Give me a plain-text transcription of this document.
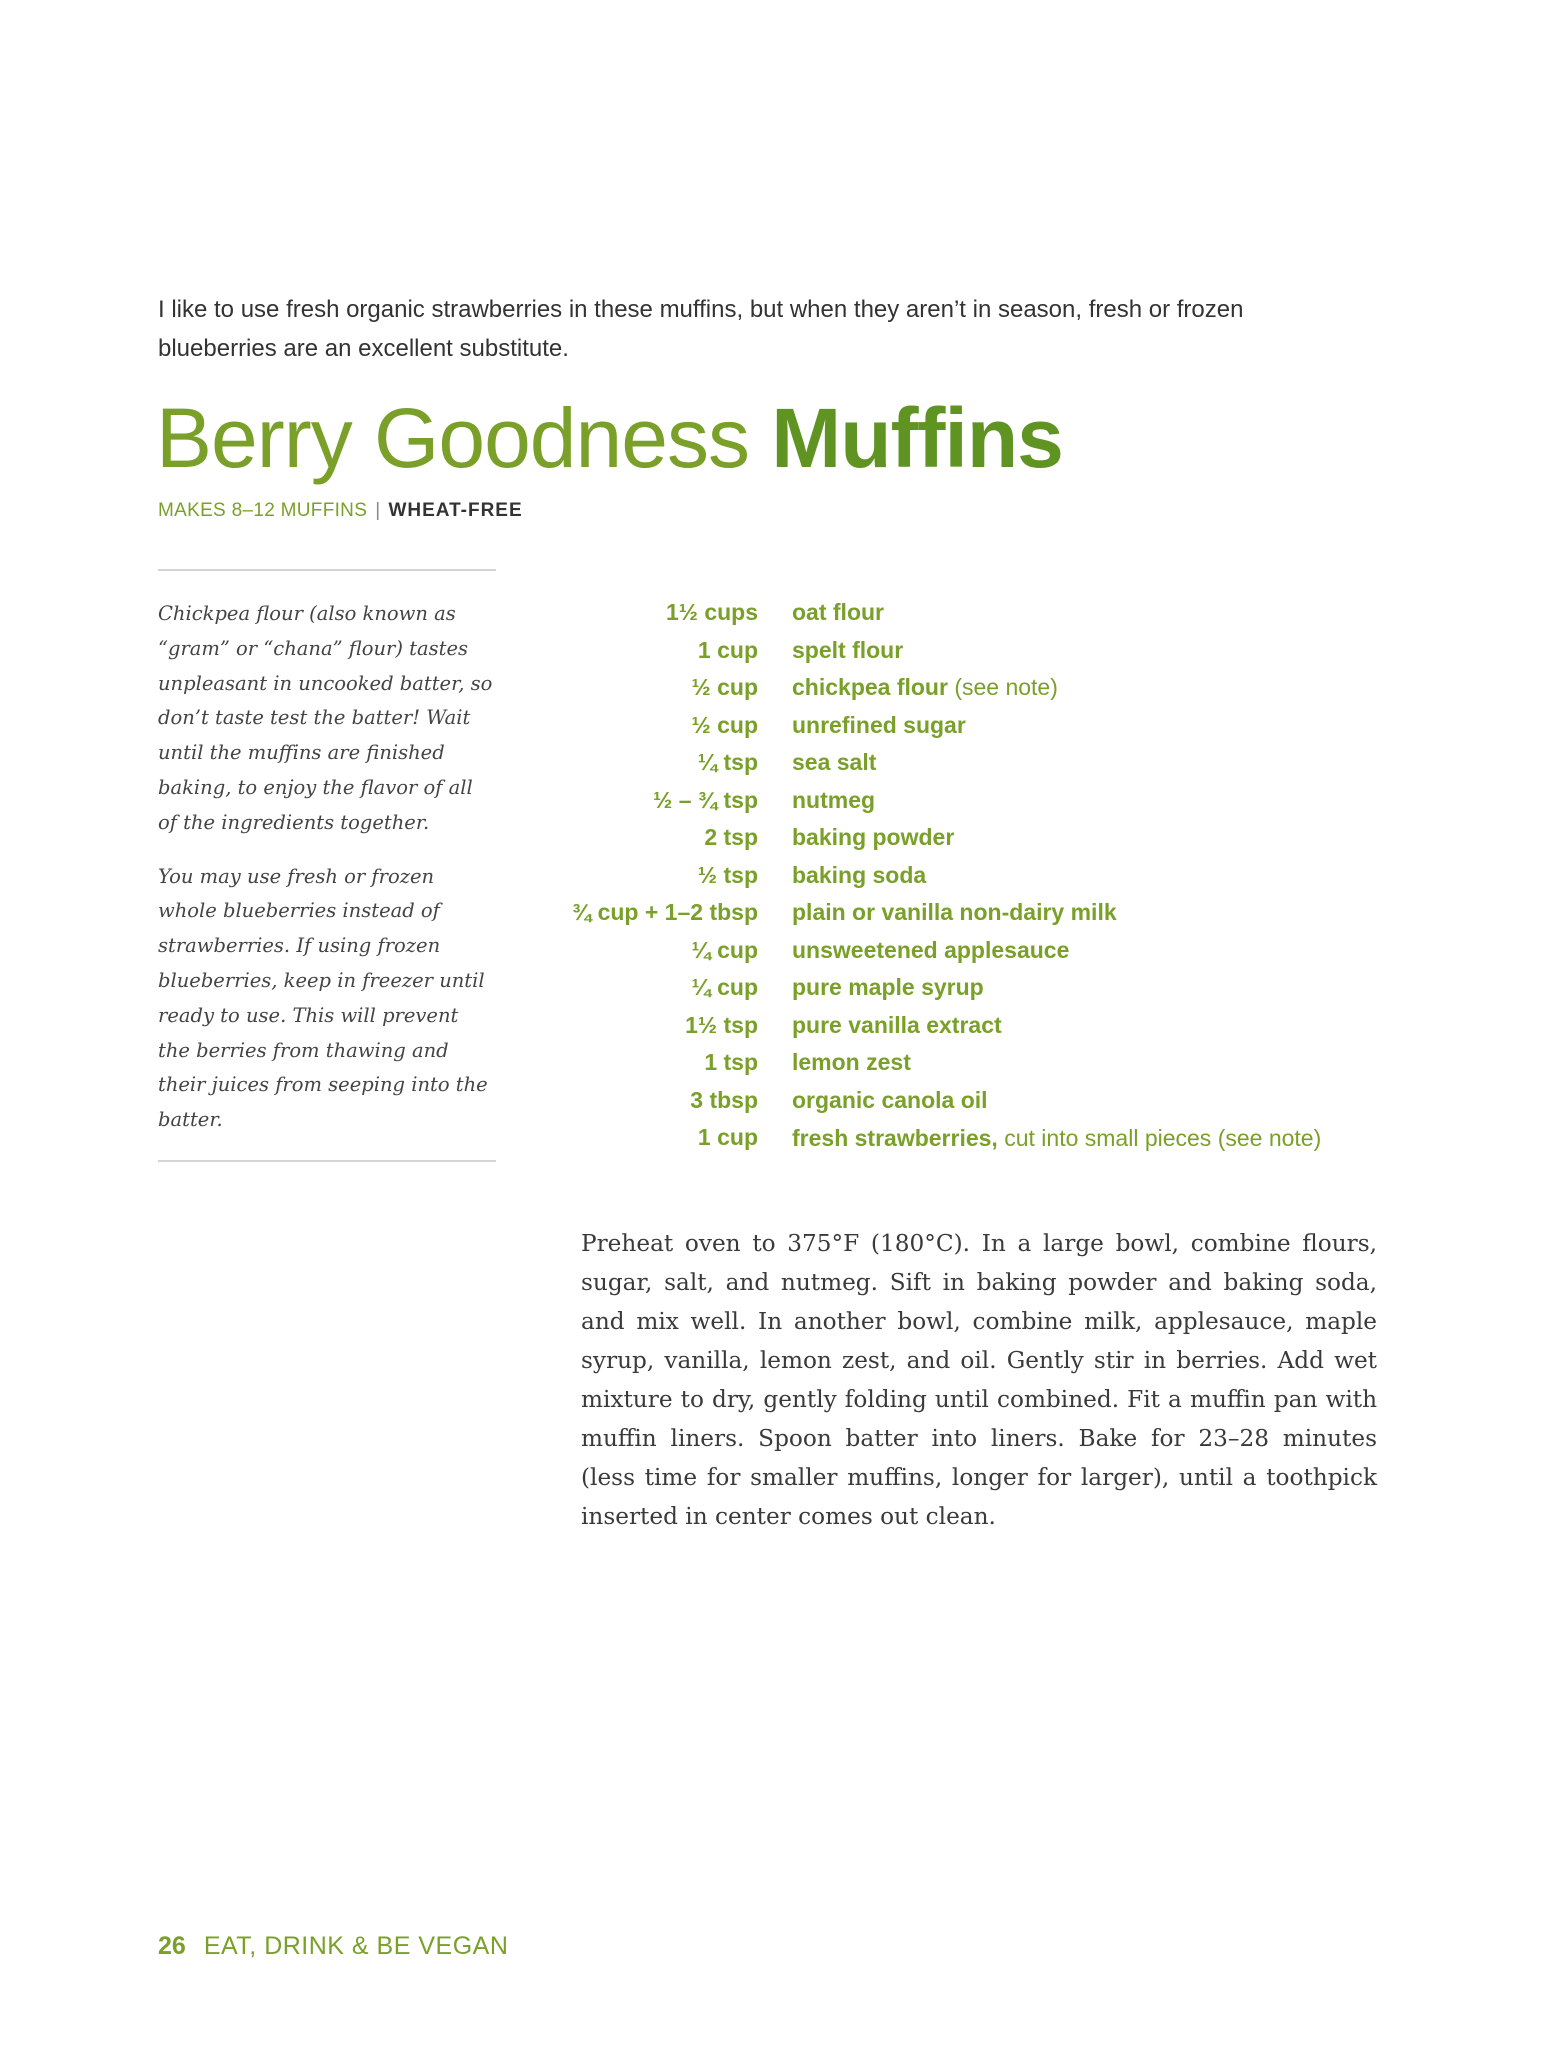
I like to use fresh organic strawberries in these muffins, but when they aren’t in season, fresh or frozen blueberries are an excellent substitute.
Berry Goodness Muffins
MAKES 8–12 MUFFINS | WHEAT-FREE

Chickpea flour (also known as “gram” or “chana” flour) tastes unpleasant in uncooked batter, so don’t taste test the batter! Wait until the muffins are finished baking, to enjoy the flavor of all of the ingredients together.

You may use fresh or frozen whole blueberries instead of strawberries. If using frozen blueberries, keep in freezer until ready to use. This will prevent the berries from thawing and their juices from seeping into the batter.

1½ cups	oat flour
1 cup	spelt flour
½ cup	chickpea flour (see note)
½ cup	unrefined sugar
¼ tsp	sea salt
½ – ¾ tsp	nutmeg
2 tsp	baking powder
½ tsp	baking soda
¾ cup + 1–2 tbsp	plain or vanilla non-dairy milk
¼ cup	unsweetened applesauce
¼ cup	pure maple syrup
1½ tsp	pure vanilla extract
1 tsp	lemon zest
3 tbsp	organic canola oil
1 cup	fresh strawberries, cut into small pieces (see note)

Preheat oven to 375°F (180°C). In a large bowl, combine flours, sugar, salt, and nutmeg. Sift in baking powder and baking soda, and mix well. In another bowl, combine milk, applesauce, maple syrup, vanilla, lemon zest, and oil. Gently stir in berries. Add wet mixture to dry, gently folding until combined. Fit a muffin pan with muffin liners. Spoon batter into liners. Bake for 23–28 minutes (less time for smaller muffins, longer for larger), until a toothpick inserted in center comes out clean.

26 EAT, DRINK & BE VEGAN
